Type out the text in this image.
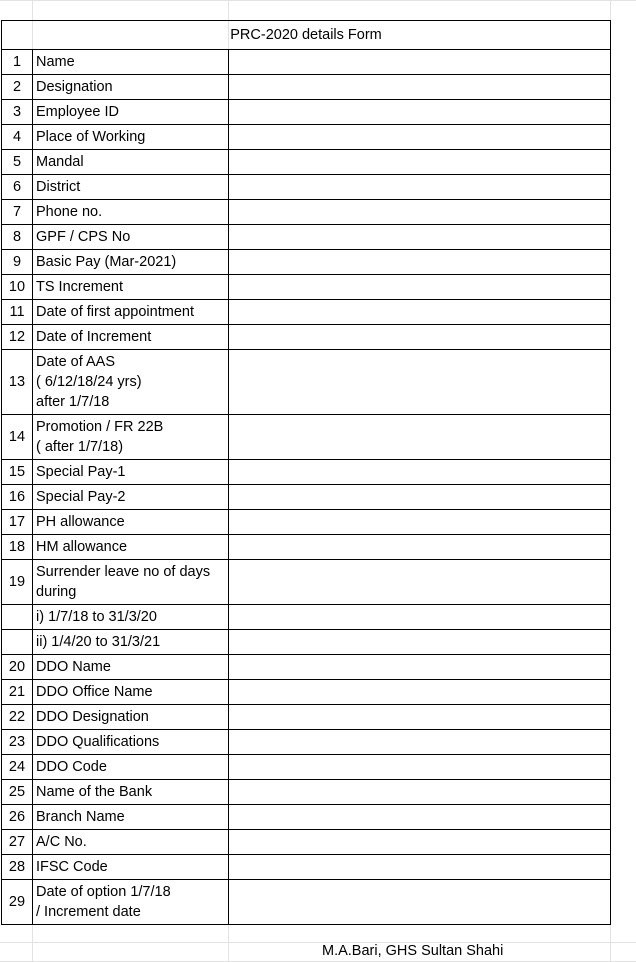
PRC-2020 details Form		
1	Name	
2	Designation	
3	Employee ID	
4	Place of Working	
5	Mandal	
6	District	
7	Phone no.	
8	GPF / CPS No	
9	Basic Pay (Mar-2021)	
10	TS Increment	
11	Date of first appointment	
12	Date of Increment	
13	Date of AAS
( 6/12/18/24 yrs)
after 1/7/18	
14	Promotion / FR 22B
( after 1/7/18)	
15	Special Pay-1	
16	Special Pay-2	
17	PH allowance	
18	HM allowance	
19	Surrender leave no of days
during	
	i) 1/7/18 to 31/3/20	
	ii) 1/4/20 to 31/3/21	
20	DDO Name	
21	DDO Office Name	
22	DDO Designation	
23	DDO Qualifications	
24	DDO Code	
25	Name of the Bank	
26	Branch Name	
27	A/C No.	
28	IFSC Code	
29	Date of option 1/7/18
/ Increment date	
M.A.Bari, GHS Sultan Shahi
